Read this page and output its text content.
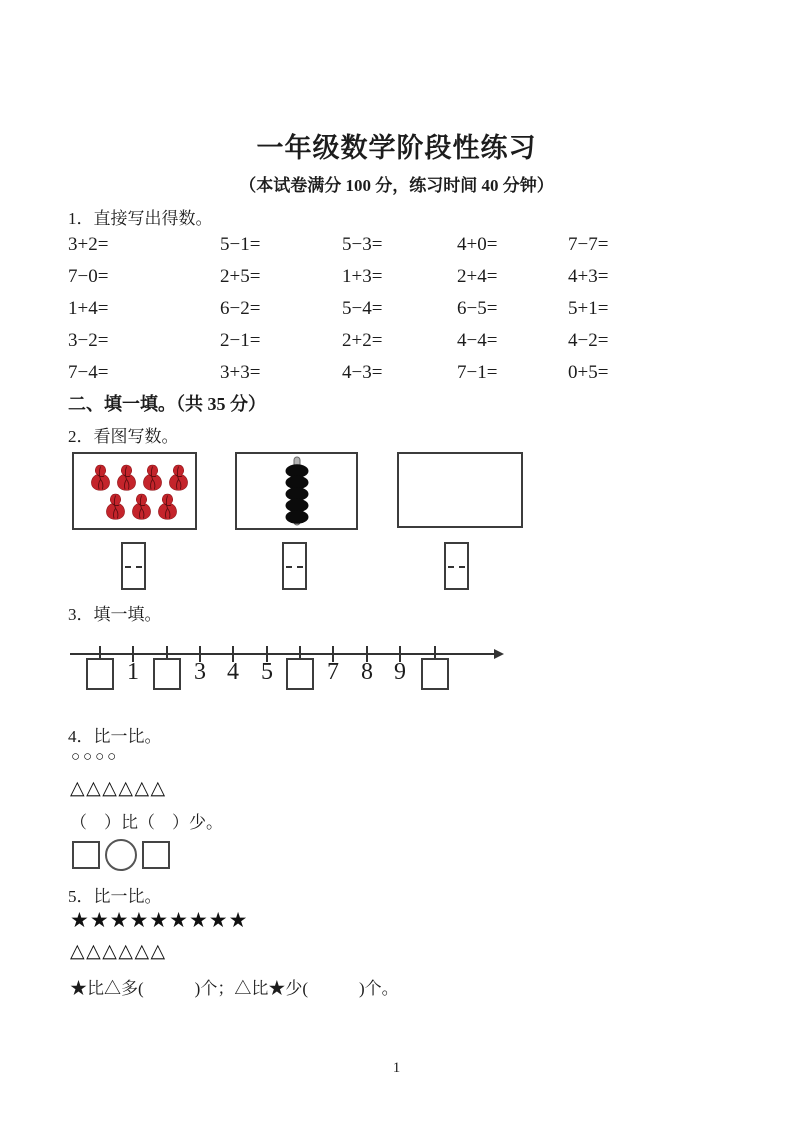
一年级数学阶段性练习
（本试卷满分 100 分，练习时间 40 分钟）
1．直接写出得数。
3+2=	5−1=	5−3=	4+0=	7−7=
7−0=	2+5=	1+3=	2+4=	4+3=
1+4=	6−2=	5−4=	6−5=	5+1=
3−2=	2−1=	2+2=	4−4=	4−2=
7−4=	3+3=	4−3=	7−1=	0+5=
二、填一填。（共 35 分）
2．看图写数。
3．填一填。
1 3 4 5 7 8 9
4．比一比。
○○○○
△△△△△△
（　）比（　）少。
5．比一比。
★★★★★★★★★
△△△△△△
★比△多(　　　)个；△比★少(　　　)个。
1
